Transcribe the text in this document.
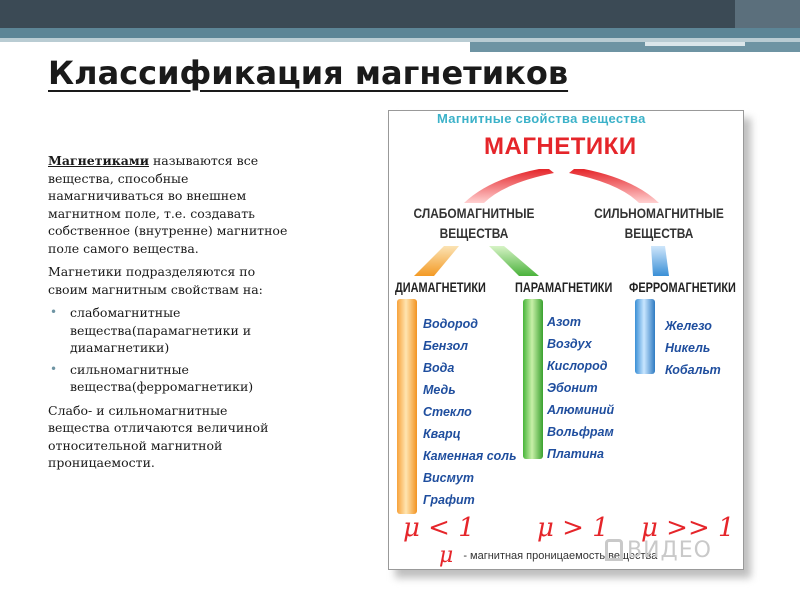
Классификация магнетиков

Магнетиками называются все вещества, способные намагничиваться во внешнем магнитном поле, т.е. создавать собственное (внутренне) магнитное поле самого вещества.

Магнетики подразделяются по своим магнитным свойствам на:

• слабомагнитные вещества(парамагнетики и диамагнетики)
• сильномагнитные вещества(ферромагнетики)

Слабо- и сильномагнитные вещества отличаются величиной относительной магнитной проницаемости.

Магнитные свойства вещества
МАГНЕТИКИ
СЛАБОМАГНИТНЫЕ
ВЕЩЕСТВА
СИЛЬНОМАГНИТНЫЕ
ВЕЩЕСТВА
ДИАМАГНЕТИКИ ПАРАМАГНЕТИКИ ФЕРРОМАГНЕТИКИ
Водород
Бензол
Вода
Медь
Стекло
Кварц
Каменная соль
Висмут
Графит
Азот
Воздух
Кислород
Эбонит
Алюминий
Вольфрам
Платина
Железо
Никель
Кобальт
μ < 1 μ > 1 μ >> 1
μ - магнитная проницаемость вещества
ВИДЕО
